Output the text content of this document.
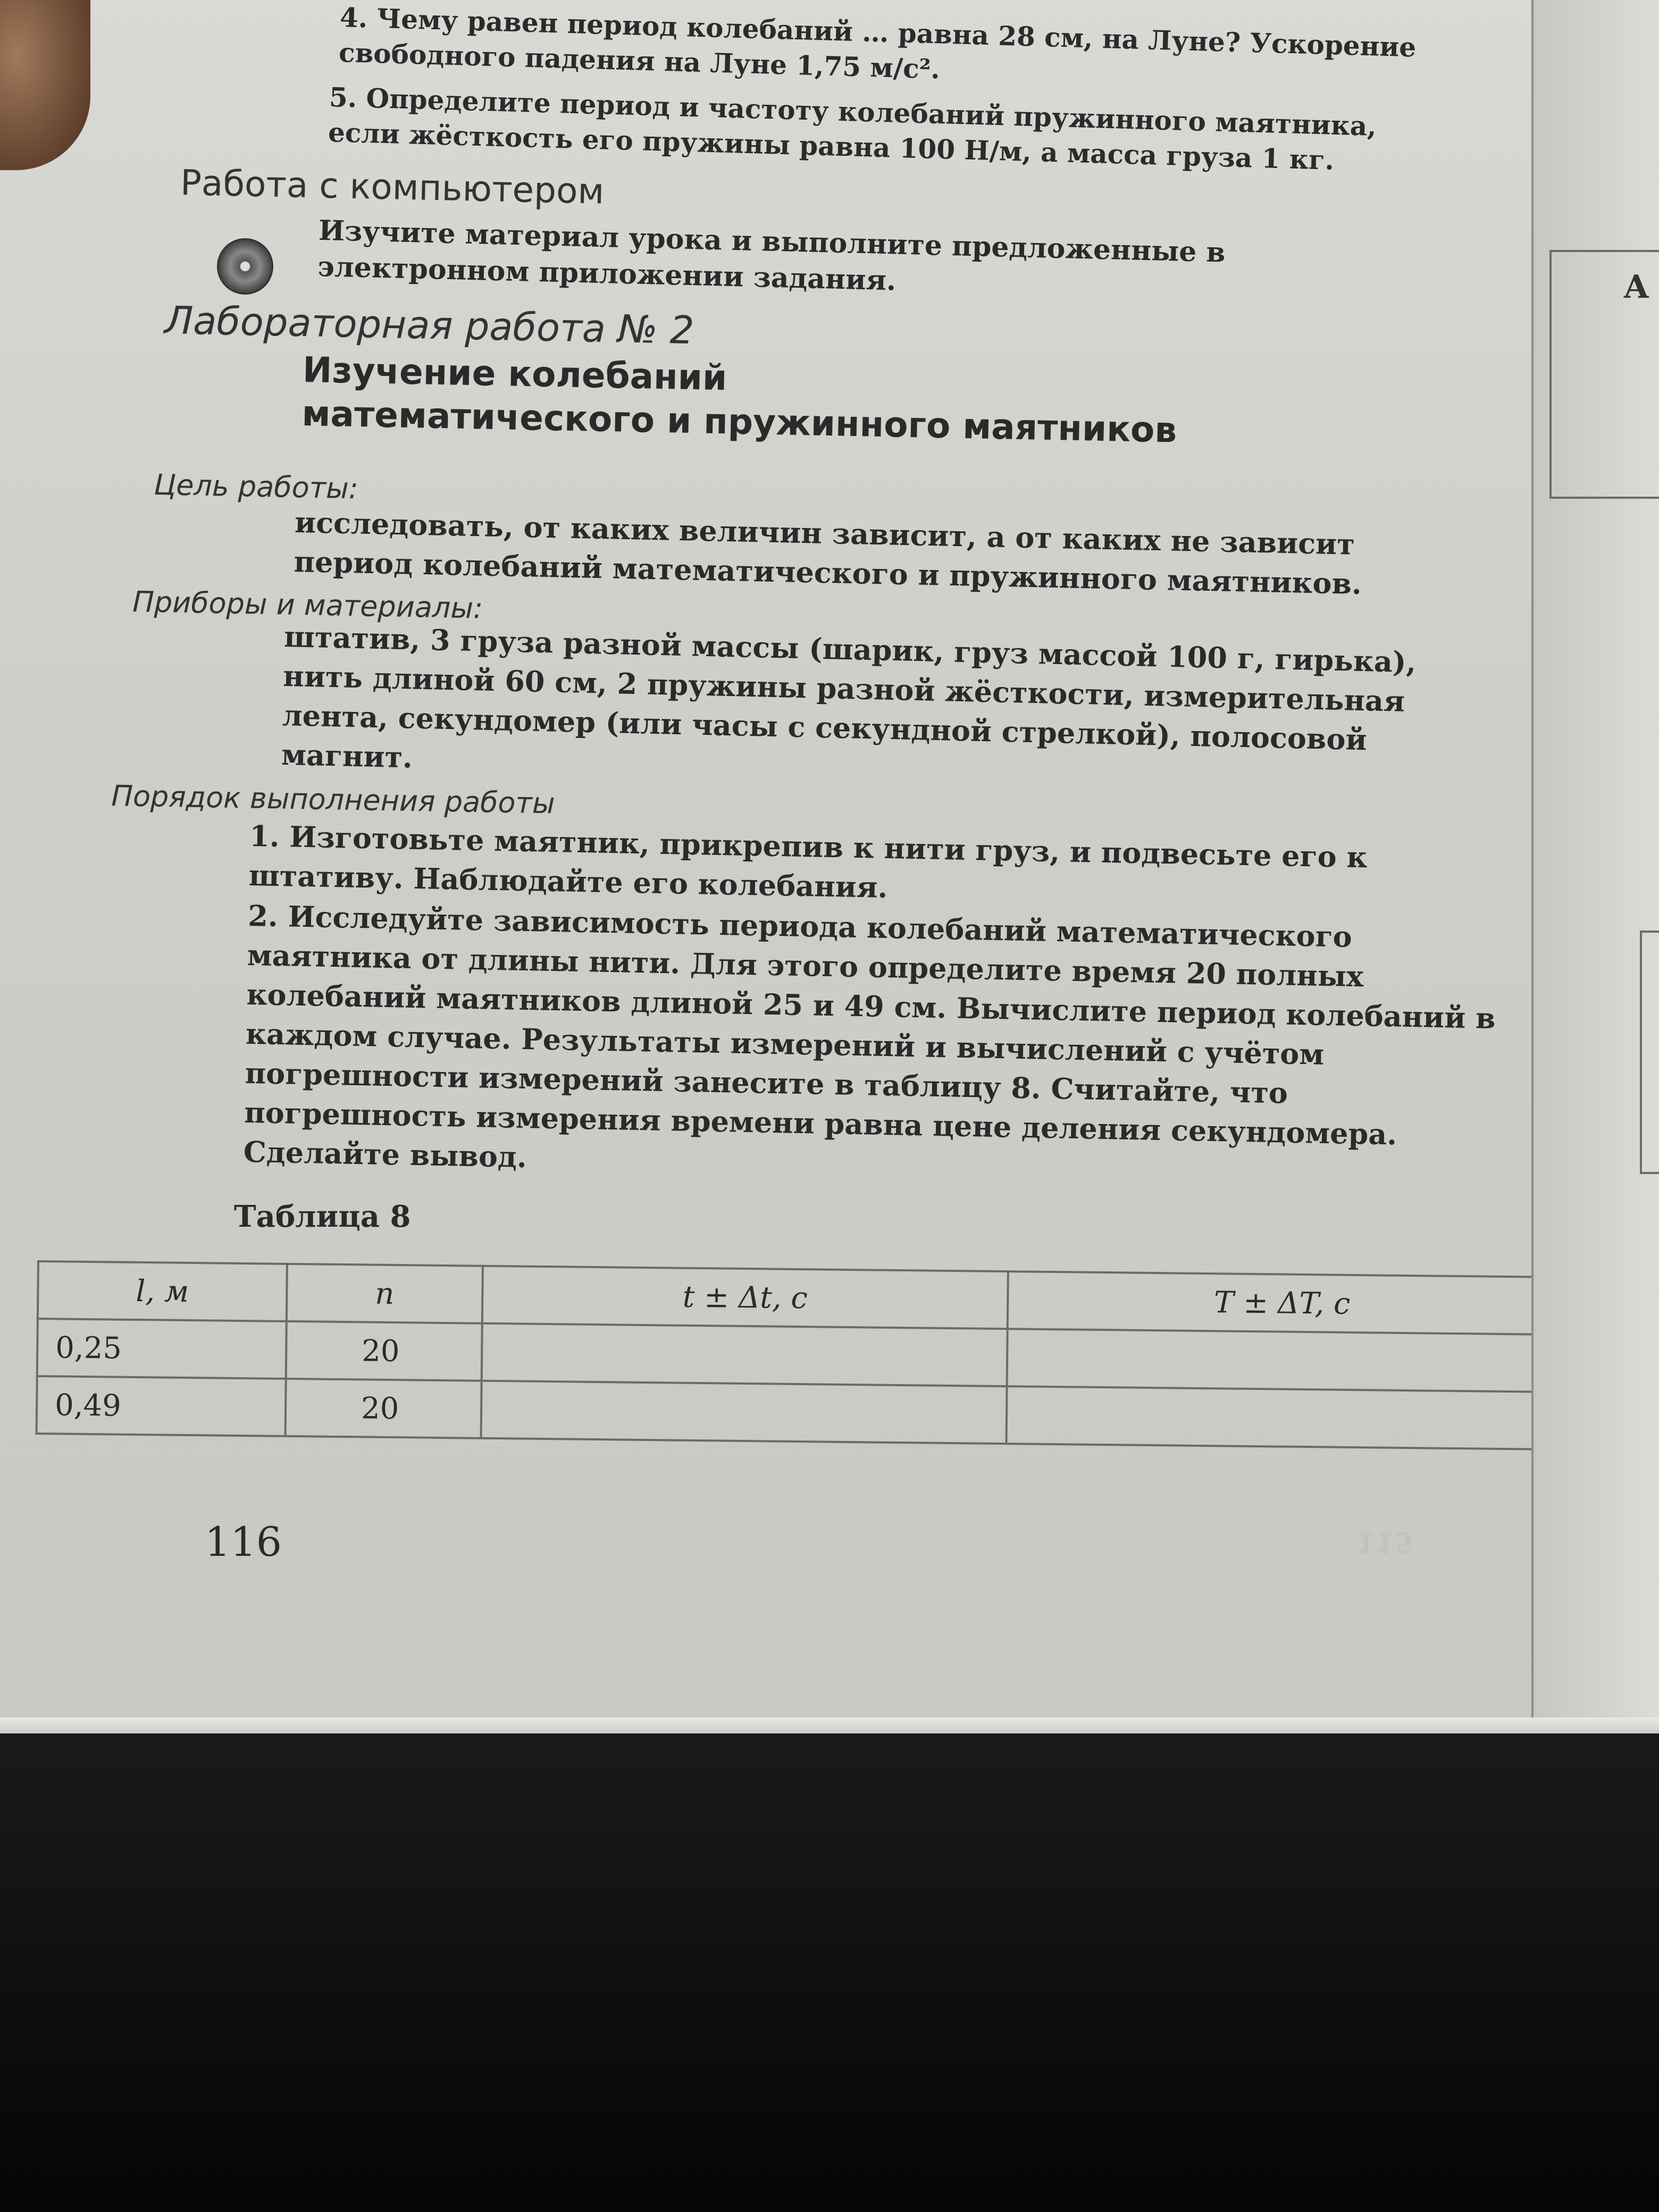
115
4. Чему равен период колебаний … равна 28 см, на Луне? Ускорение свободного падения на Луне 1,75 м/с².
5. Определите период и частоту колебаний пружинного маятника, если жёсткость его пружины равна 100 Н/м, а масса груза 1 кг.
Работа с компьютером
Изучите материал урока и выполните предложенные в электронном приложении задания.
Лабораторная работа № 2
Изучение колебаний
математического и пружинного маятников
Цель работы:
исследовать, от каких величин зависит, а от каких не зависит период колебаний математического и пружинного маятников.
Приборы и материалы:
штатив, 3 груза разной массы (шарик, груз массой 100 г, гирька), нить длиной 60 см, 2 пружины разной жёсткости, измерительная лента, секундомер (или часы с секундной стрелкой), полосовой магнит.
Порядок выполнения работы
1. Изготовьте маятник, прикрепив к нити груз, и подвесьте его к штативу. Наблюдайте его колебания.
2. Исследуйте зависимость периода колебаний математического маятника от длины нити. Для этого определите время 20 полных колебаний маятников длиной 25 и 49 см. Вычислите период колебаний в каждом случае. Результаты измерений и вычислений с учётом погрешности измерений занесите в таблицу 8. Считайте, что погрешность измерения времени равна цене деления секундомера. Сделайте вывод.
Таблица 8
l, м	n	t ± Δt, с	T ± ΔT, с
0,25	20		
0,49	20		
116
A
